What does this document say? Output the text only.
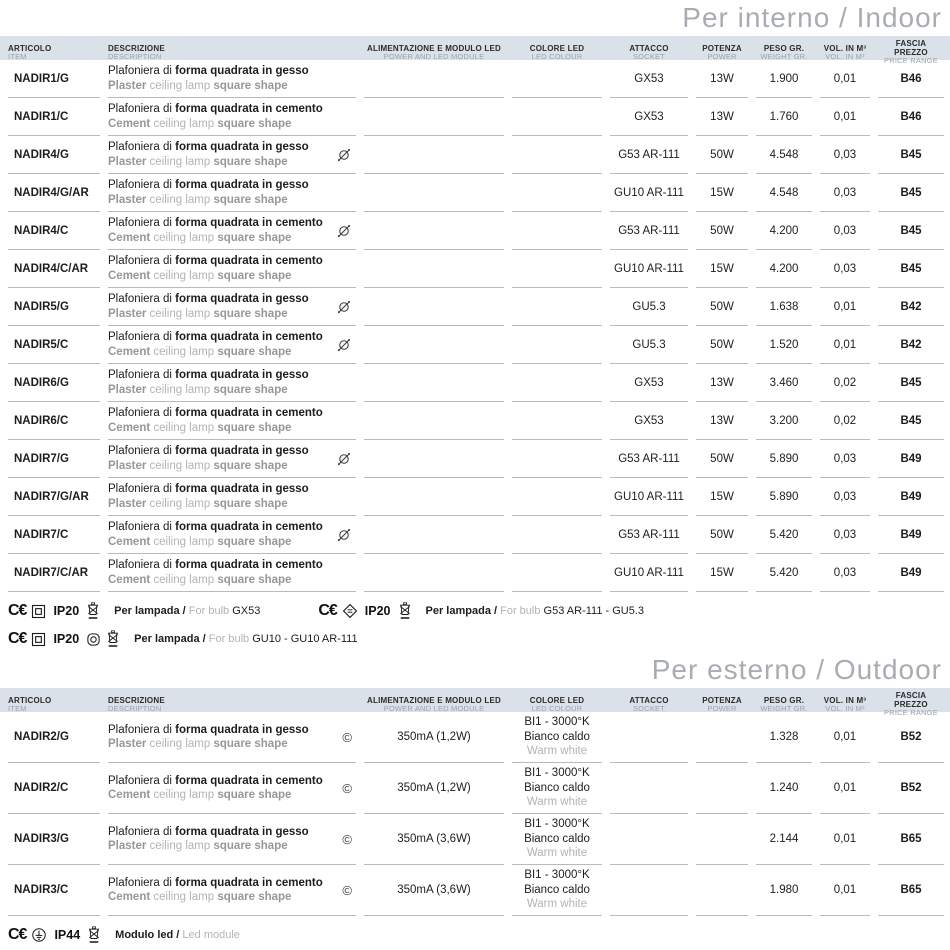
Per interno / Indoor
ARTICOLO
ITEM
DESCRIZIONE
DESCRIPTION
ALIMENTAZIONE E MODULO LED
POWER AND LED MODULE
COLORE LED
LED COLOUR
ATTACCO
SOCKET
POTENZA
POWER
PESO GR.
WEIGHT GR.
VOL. IN M³
VOL. IN M³
FASCIA PREZZO
PRICE RANGE
NADIR1/G
Plafoniera di forma quadrata in gesso
Plaster ceiling lamp square shape
GX53	13W	1.900	0,01	B46
NADIR1/C
Plafoniera di forma quadrata in cemento
Cement ceiling lamp square shape
GX53	13W	1.760	0,01	B46
NADIR4/G
Plafoniera di forma quadrata in gesso
Plaster ceiling lamp square shape
G53 AR-111	50W	4.548	0,03	B45
NADIR4/G/AR
Plafoniera di forma quadrata in gesso
Plaster ceiling lamp square shape
GU10 AR-111	15W	4.548	0,03	B45
NADIR4/C
Plafoniera di forma quadrata in cemento
Cement ceiling lamp square shape
G53 AR-111	50W	4.200	0,03	B45
NADIR4/C/AR
Plafoniera di forma quadrata in cemento
Cement ceiling lamp square shape
GU10 AR-111	15W	4.200	0,03	B45
NADIR5/G
Plafoniera di forma quadrata in gesso
Plaster ceiling lamp square shape
GU5.3	50W	1.638	0,01	B42
NADIR5/C
Plafoniera di forma quadrata in cemento
Cement ceiling lamp square shape
GU5.3	50W	1.520	0,01	B42
NADIR6/G
Plafoniera di forma quadrata in gesso
Plaster ceiling lamp square shape
GX53	13W	3.460	0,02	B45
NADIR6/C
Plafoniera di forma quadrata in cemento
Cement ceiling lamp square shape
GX53	13W	3.200	0,02	B45
NADIR7/G
Plafoniera di forma quadrata in gesso
Plaster ceiling lamp square shape
G53 AR-111	50W	5.890	0,03	B49
NADIR7/G/AR
Plafoniera di forma quadrata in gesso
Plaster ceiling lamp square shape
GU10 AR-111	15W	5.890	0,03	B49
NADIR7/C
Plafoniera di forma quadrata in cemento
Cement ceiling lamp square shape
G53 AR-111	50W	5.420	0,03	B49
NADIR7/C/AR
Plafoniera di forma quadrata in cemento
Cement ceiling lamp square shape
GU10 AR-111	15W	5.420	0,03	B49
C€ IP20	Per lampada / For bulb GX53	C€ IP20	Per lampada / For bulb G53 AR-111 - GU5.3
C€ IP20	Per lampada / For bulb GU10 - GU10 AR-111
Per esterno / Outdoor
ARTICOLO
ITEM
DESCRIZIONE
DESCRIPTION
ALIMENTAZIONE E MODULO LED
POWER AND LED MODULE
COLORE LED
LED COLOUR
ATTACCO
SOCKET
POTENZA
POWER
PESO GR.
WEIGHT GR.
VOL. IN M³
VOL. IN M³
FASCIA PREZZO
PRICE RANGE
NADIR2/G
Plafoniera di forma quadrata in gesso
Plaster ceiling lamp square shape	©	350mA (1,2W)
BI1 - 3000°K
Bianco caldo
Warm white
1.328	0,01	B52
NADIR2/C
Plafoniera di forma quadrata in cemento
Cement ceiling lamp square shape	©	350mA (1,2W)
BI1 - 3000°K
Bianco caldo
Warm white
1.240	0,01	B52
NADIR3/G
Plafoniera di forma quadrata in gesso
Plaster ceiling lamp square shape	©	350mA (3,6W)
BI1 - 3000°K
Bianco caldo
Warm white
2.144	0,01	B65
NADIR3/C
Plafoniera di forma quadrata in cemento
Cement ceiling lamp square shape	©	350mA (3,6W)
BI1 - 3000°K
Bianco caldo
Warm white
1.980	0,01	B65
C€ IP44	Modulo led / Led module
